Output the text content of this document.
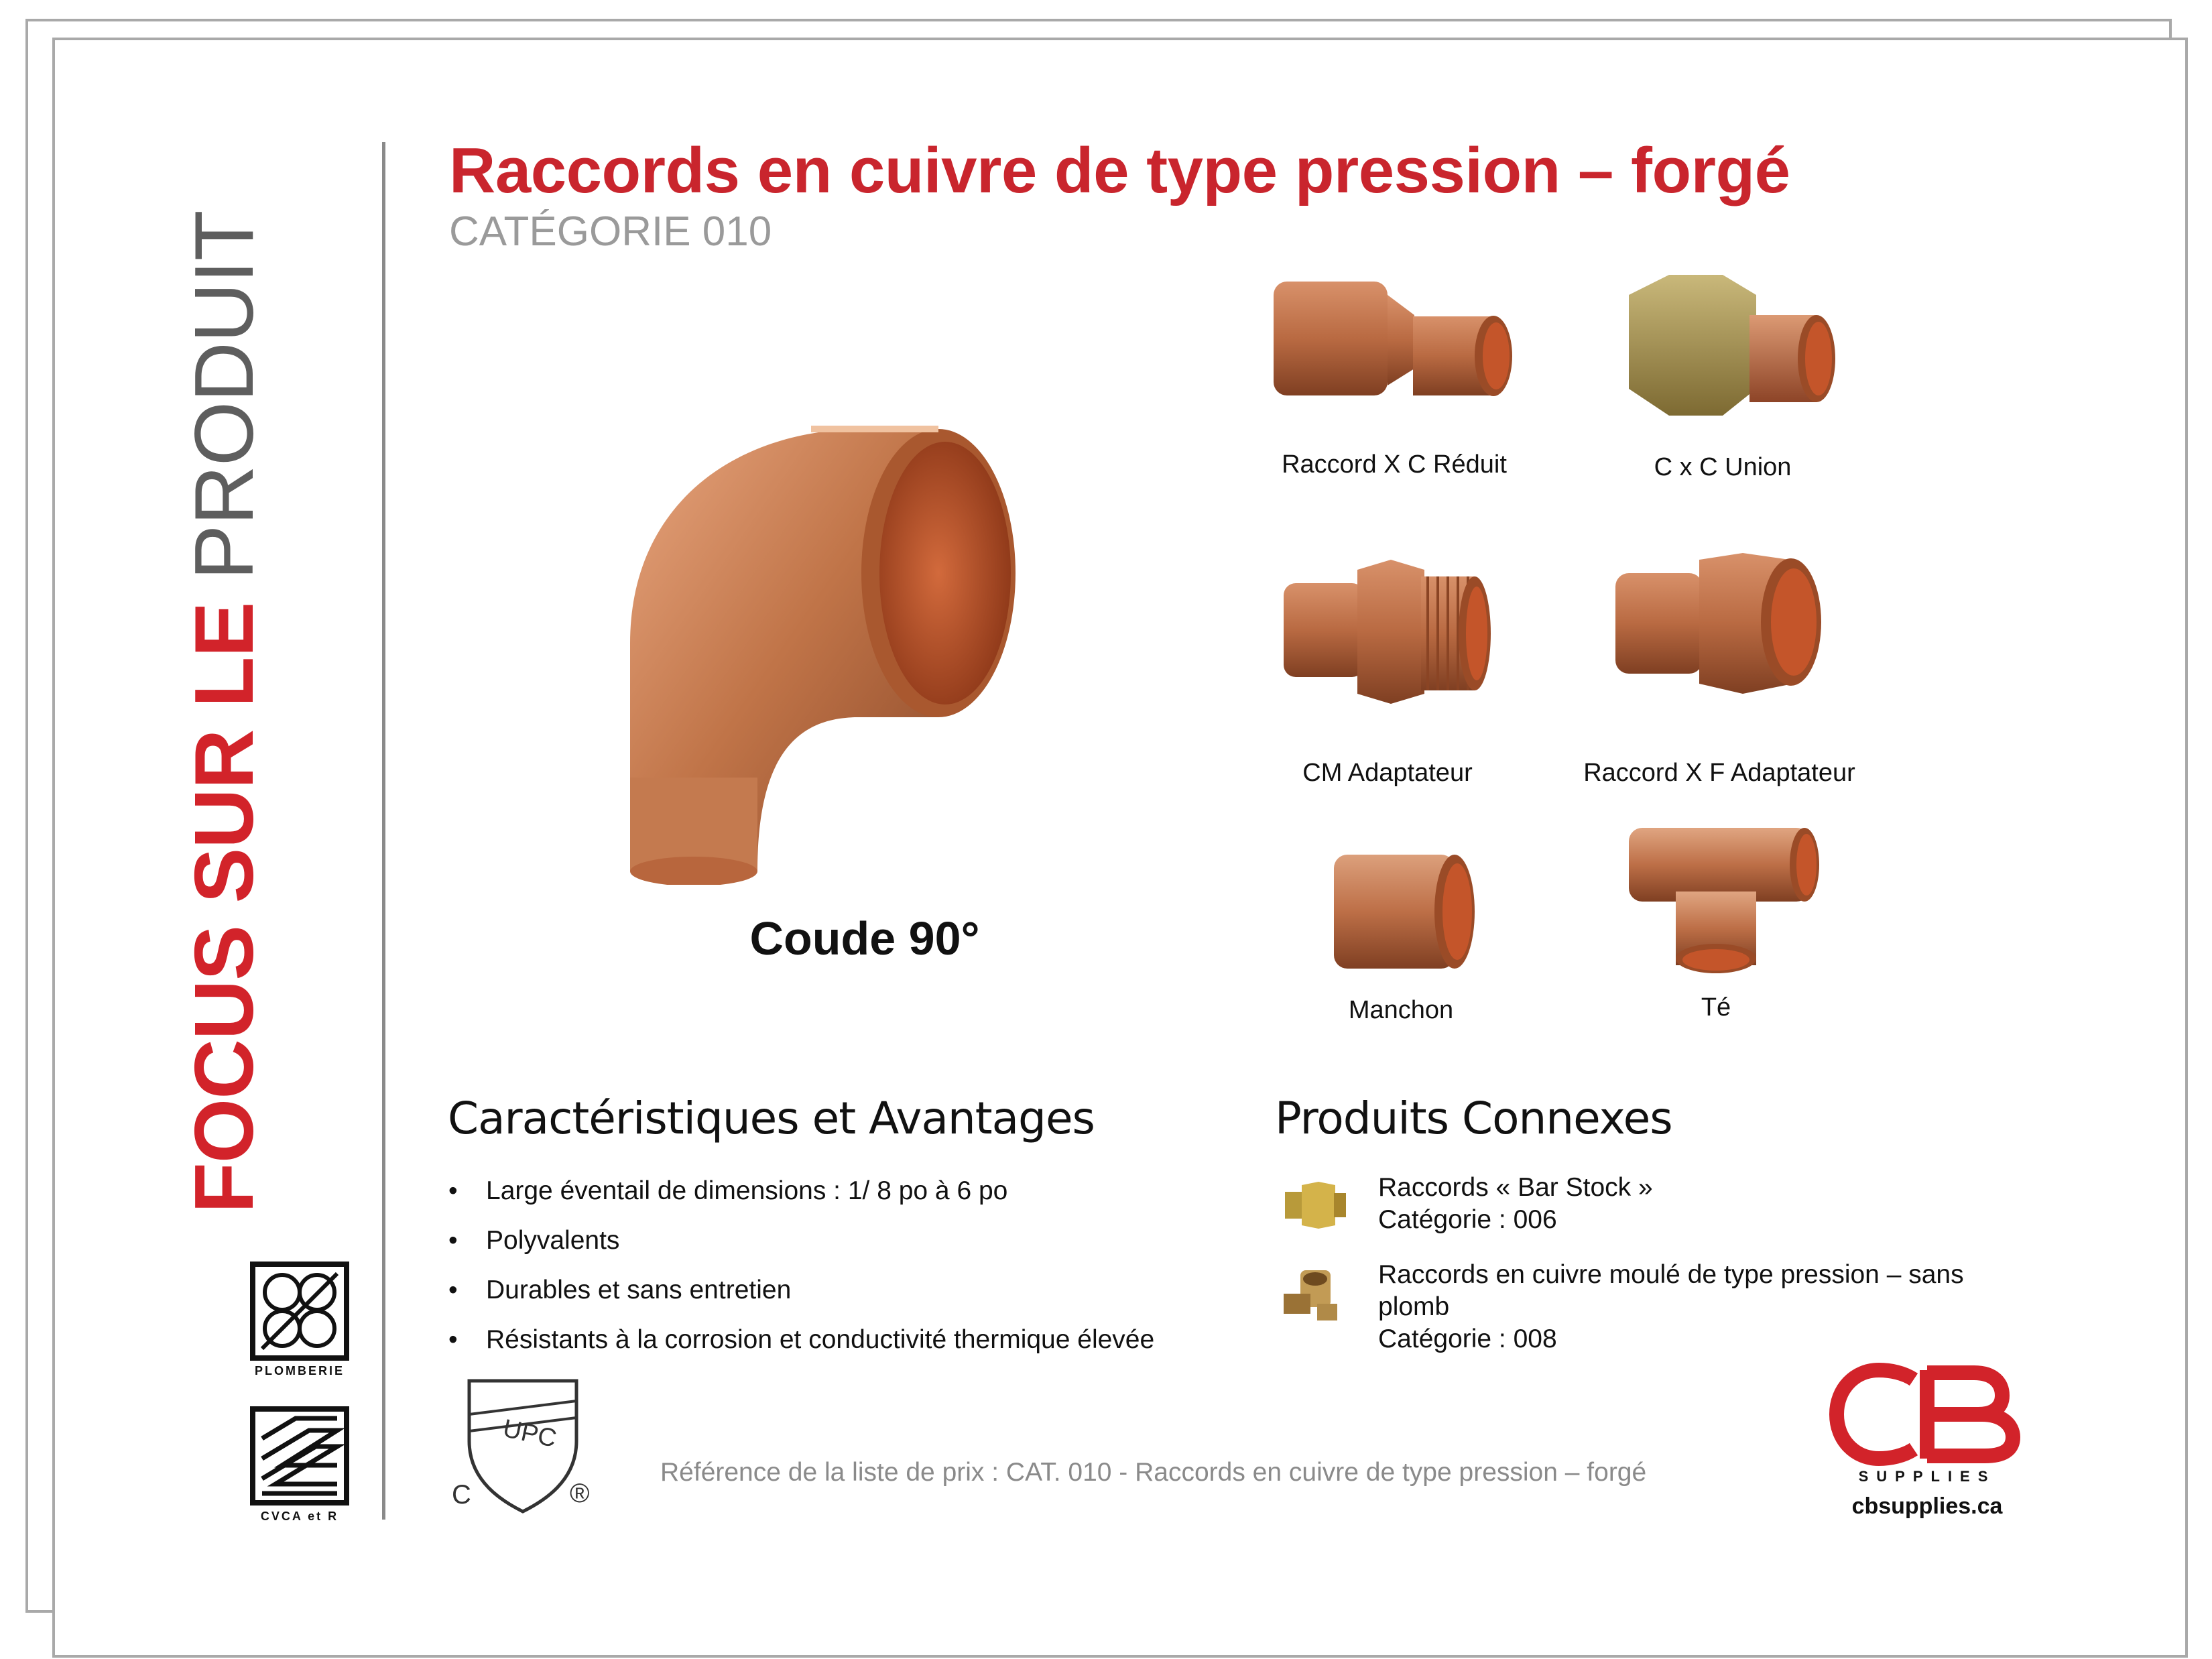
FOCUS SUR LE PRODUIT
PLOMBERIE
CVCA et R
Raccords en cuivre de type pression – forgé
CATÉGORIE 010
Coude 90°
Raccord X C Réduit	C x C Union
CM Adaptateur	Raccord X F Adaptateur
Manchon	Té
Caractéristiques et Avantages
• Large éventail de dimensions : 1/ 8 po à 6 po
• Polyvalents
• Durables et sans entretien
• Résistants à la corrosion et conductivité thermique élevée
Produits Connexes
Raccords « Bar Stock »
Catégorie : 006
Raccords en cuivre moulé de type pression – sans
plomb
Catégorie : 008
UPC
C	®
Référence de la liste de prix : CAT. 010 - Raccords en cuivre de type pression – forgé	SUPPLIES
cbsupplies.ca
